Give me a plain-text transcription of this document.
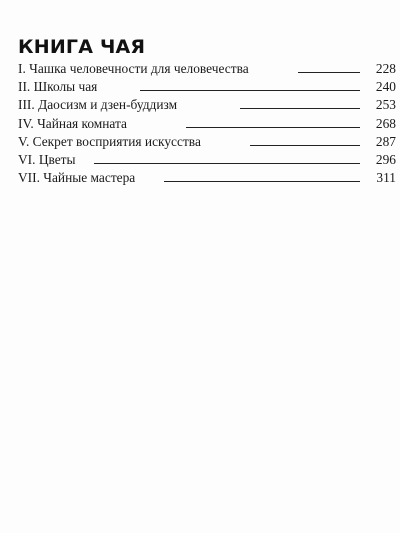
КНИГА ЧАЯ
I. Чашка человечности для человечества	228
II. Школы чая	240
III. Даосизм и дзен-буддизм	253
IV. Чайная комната	268
V. Секрет восприятия искусства	287
VI. Цветы	296
VII. Чайные мастера	311
